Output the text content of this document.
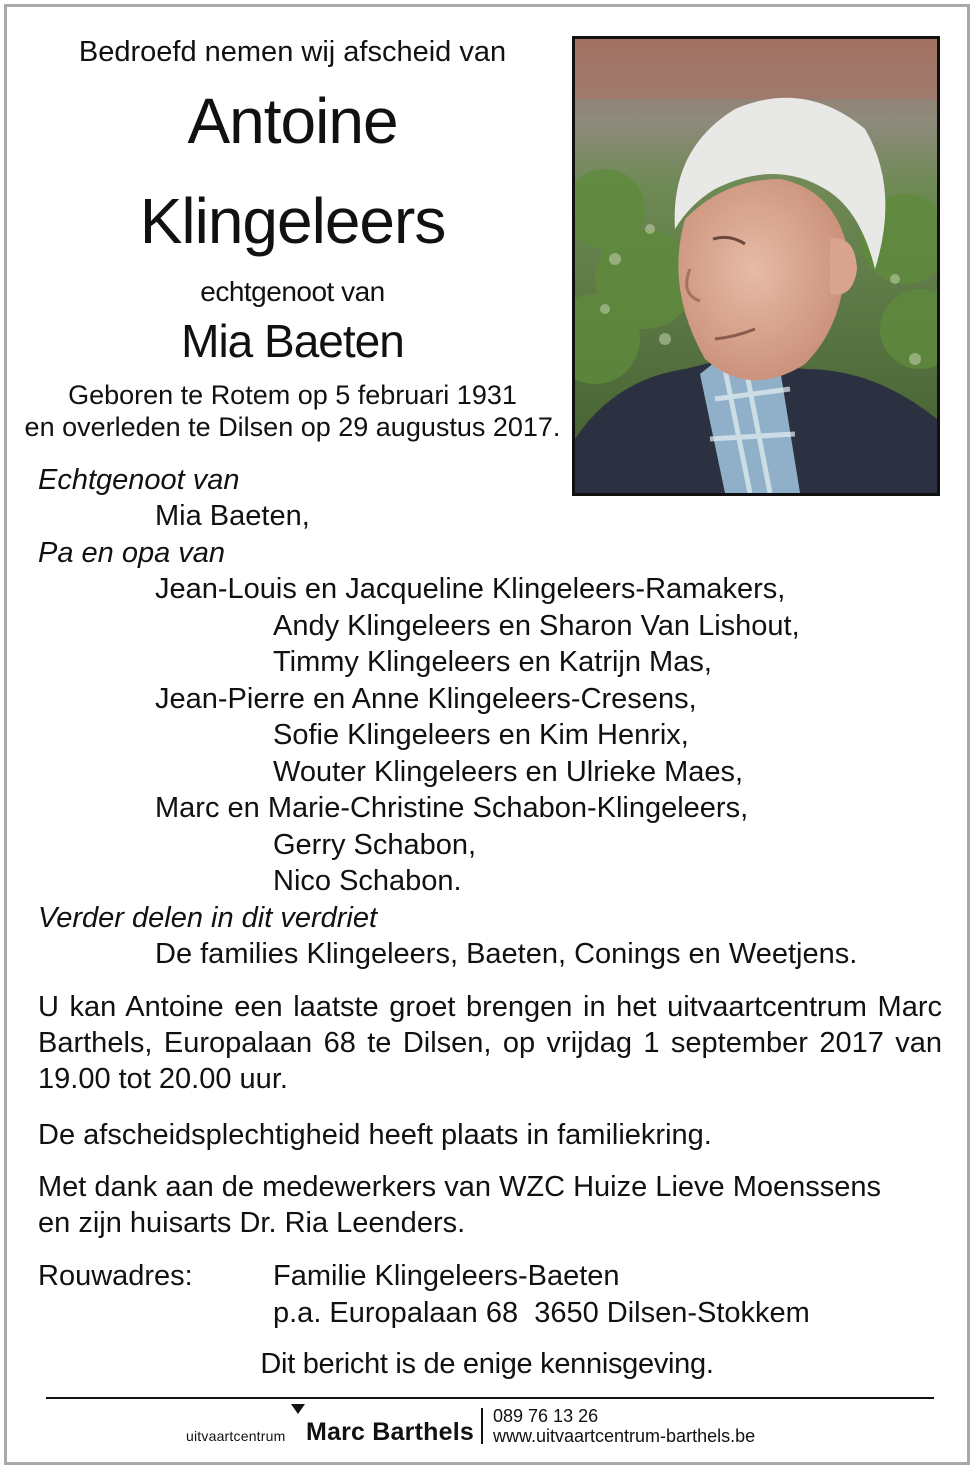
Bedroefd nemen wij afscheid van
Antoine
Klingeleers
echtgenoot van
Mia Baeten
Geboren te Rotem op 5 februari 1931
en overleden te Dilsen op 29 augustus 2017.
Echtgenoot van
Mia Baeten,
Pa en opa van
Jean-Louis en Jacqueline Klingeleers-Ramakers,
Andy Klingeleers en Sharon Van Lishout,
Timmy Klingeleers en Katrijn Mas,
Jean-Pierre en Anne Klingeleers-Cresens,
Sofie Klingeleers en Kim Henrix,
Wouter Klingeleers en Ulrieke Maes,
Marc en Marie-Christine Schabon-Klingeleers,
Gerry Schabon,
Nico Schabon.
Verder delen in dit verdriet
De families Klingeleers, Baeten, Conings en Weetjens.
U kan Antoine een laatste groet brengen in het uitvaartcentrum Marc Barthels, Europalaan 68 te Dilsen, op vrijdag 1 september 2017 van 19.00 tot 20.00 uur.
De afscheidsplechtigheid heeft plaats in familiekring.
Met dank aan de medewerkers van WZC Huize Lieve Moenssens
en zijn huisarts Dr. Ria Leenders.
Rouwadres:	Familie Klingeleers-Baeten
p.a. Europalaan 68  3650 Dilsen-Stokkem
Dit bericht is de enige kennisgeving.
uitvaartcentrum Marc Barthels
089 76 13 26
www.uitvaartcentrum-barthels.be
